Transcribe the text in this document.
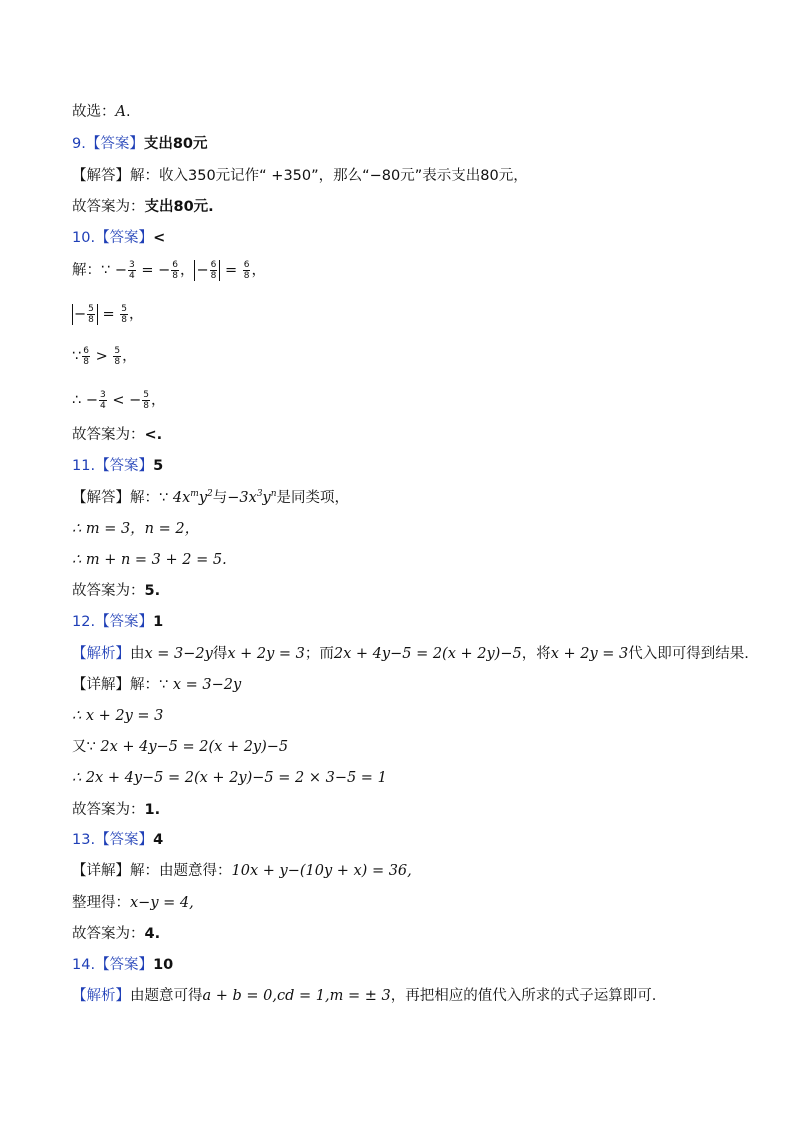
故选：A.
9.【答案】支出80元
【解答】解：收入350元记作“ +350”，那么“−80元”表示支出80元，
故答案为：支出80元.
10.【答案】<
解：∵ − $\frac{3}{4}$ = − $\frac{6}{8}$ ， − $\frac{6}{8} = \frac{6}{8}$ ，
− $\frac{5}{8} = \frac{5}{8}$ ，
∵ $\frac{6}{8} > \frac{5}{8}$ ，
∴ − $\frac{3}{4}$ < − $\frac{5}{8}$ ，
故答案为：<.
11.【答案】5
【解答】解：∵ $4x^my^2$与$-3x^3y^n$是同类项，
∴ m = 3，n = 2，
∴ m + n = 3 + 2 = 5.
故答案为：5.
12.【答案】1
【解析】由x = 3−2y得x + 2y = 3；而2x + 4y−5 = 2(x + 2y)−5，将x + 2y = 3代入即可得到结果.
【详解】解：∵ x = 3−2y
∴ x + 2y = 3
又∵ 2x + 4y−5 = 2(x + 2y)−5
∴ 2x + 4y−5 = 2(x + 2y)−5 = 2 × 3−5 = 1
故答案为：1.
13.【答案】4
【详解】解：由题意得：10x + y−(10y + x) = 36,
整理得：x−y = 4,
故答案为：4.
14.【答案】10
【解析】由题意可得a + b = 0,cd = 1,m = ± 3，再把相应的值代入所求的式子运算即可.
